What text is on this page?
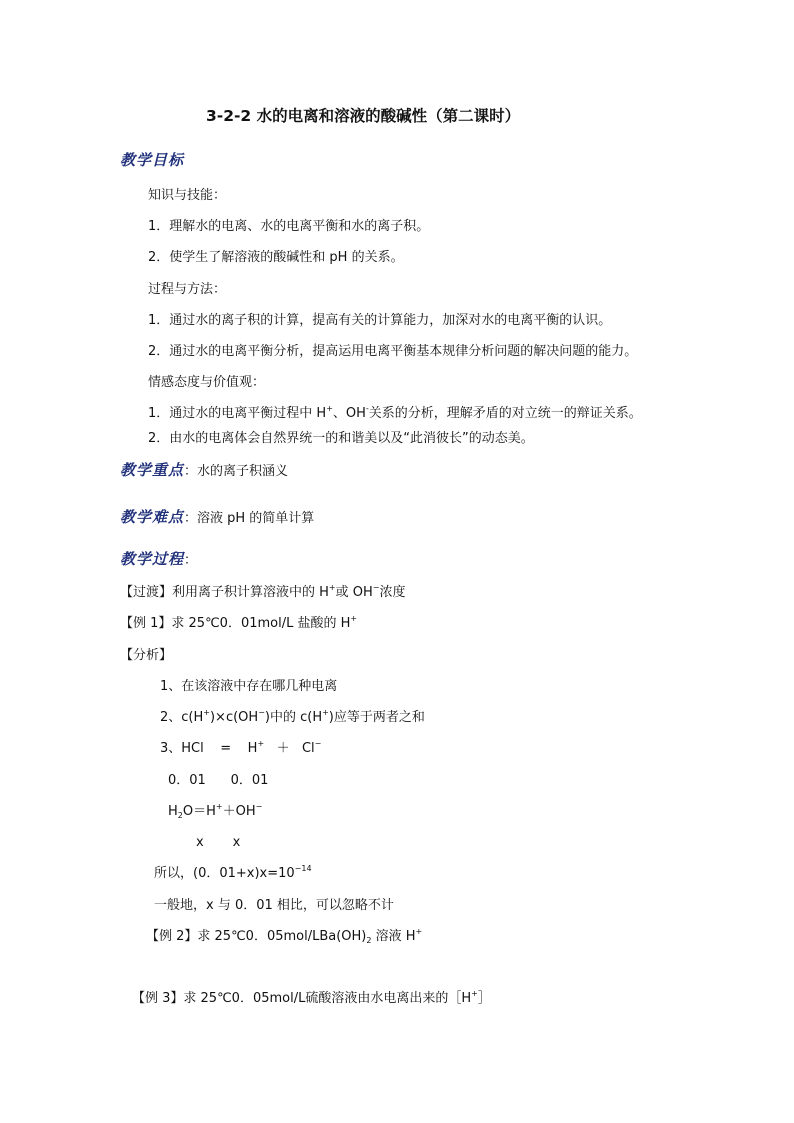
3-2-2 水的电离和溶液的酸碱性（第二课时）
教学目标
知识与技能：
1．理解水的电离、水的电离平衡和水的离子积。
2．使学生了解溶液的酸碱性和 pH 的关系。
过程与方法：
1．通过水的离子积的计算，提高有关的计算能力，加深对水的电离平衡的认识。
2．通过水的电离平衡分析，提高运用电离平衡基本规律分析问题的解决问题的能力。
情感态度与价值观：
1．通过水的电离平衡过程中 H+、OH-关系的分析，理解矛盾的对立统一的辩证关系。
2．由水的电离体会自然界统一的和谐美以及“此消彼长”的动态美。
教学重点：水的离子积涵义
教学难点：溶液 pH 的简单计算
教学过程：
【过渡】利用离子积计算溶液中的 H+或 OH−浓度
【例 1】求 25℃0．01mol/L 盐酸的 H+
【分析】
1、在该溶液中存在哪几种电离
2、c(H+)×c(OH−)中的 c(H+)应等于两者之和
3、HCl    =    H+   ＋   Cl−
0．01      0．01
$H_2O=H^++OH^-$
x       x
所以，(0．$01+x)x=10^{-14}$
一般地，x 与 0．01 相比，可以忽略不计
【例 2】求 25℃0．$05mol/LBa(OH)_2$ 溶液 H+
【例 3】求 25℃0．05mol/L硫酸溶液由水电离出来的［H+］
